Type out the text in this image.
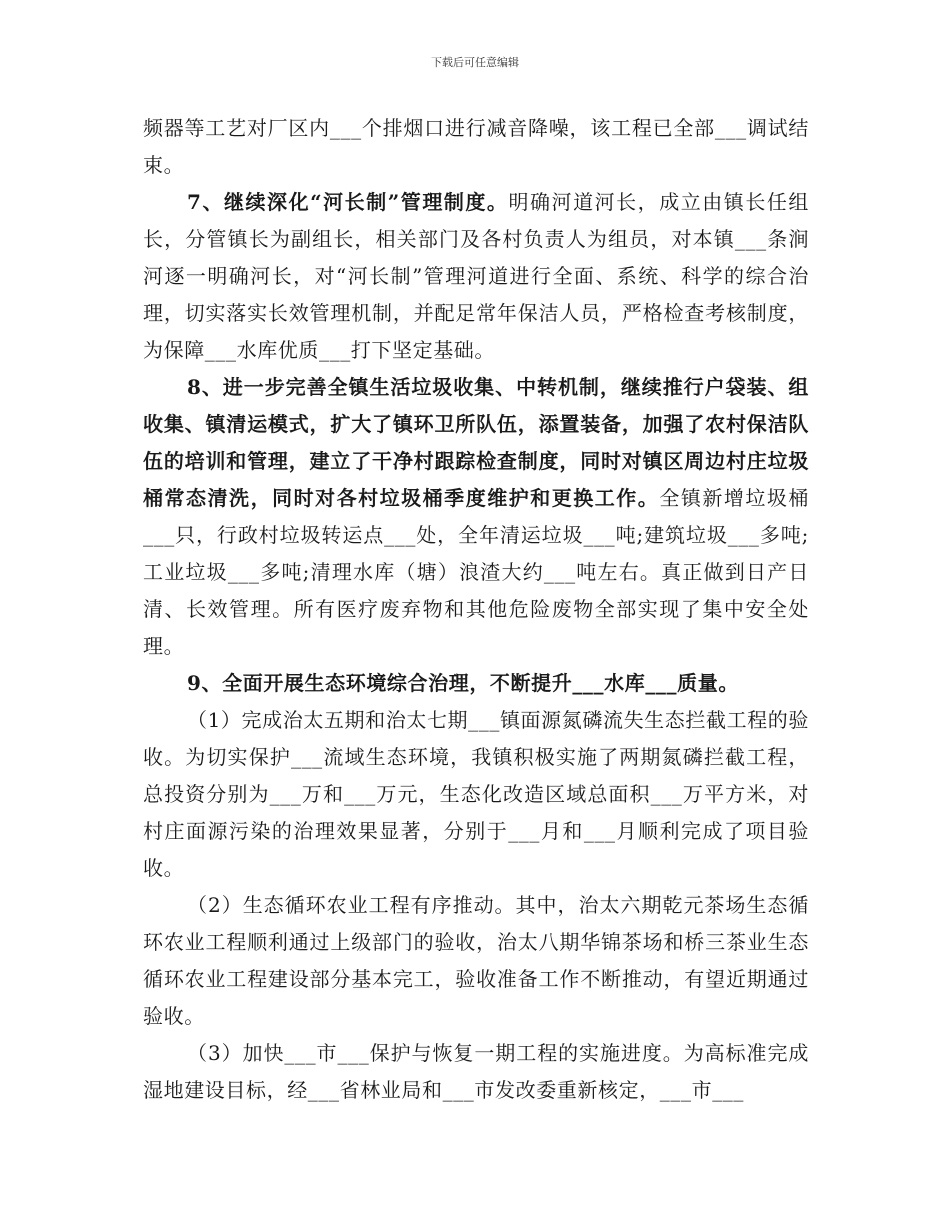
下载后可任意编辑

频器等工艺对厂区内___个排烟口进行减音降噪，该工程已全部___调试结束。

7、继续深化“河长制”管理制度。明确河道河长，成立由镇长任组长，分管镇长为副组长，相关部门及各村负责人为组员，对本镇___条涧河逐一明确河长，对“河长制”管理河道进行全面、系统、科学的综合治理，切实落实长效管理机制，并配足常年保洁人员，严格检查考核制度，为保障___水库优质___打下坚定基础。

8、进一步完善全镇生活垃圾收集、中转机制，继续推行户袋装、组收集、镇清运模式，扩大了镇环卫所队伍，添置装备，加强了农村保洁队伍的培训和管理，建立了干净村跟踪检查制度，同时对镇区周边村庄垃圾桶常态清洗，同时对各村垃圾桶季度维护和更换工作。全镇新增垃圾桶___只，行政村垃圾转运点___处，全年清运垃圾___吨;建筑垃圾___多吨;工业垃圾___多吨;清理水库（塘）浪渣大约___吨左右。真正做到日产日清、长效管理。所有医疗废弃物和其他危险废物全部实现了集中安全处理。

9、全面开展生态环境综合治理，不断提升___水库___质量。

（1）完成治太五期和治太七期___镇面源氮磷流失生态拦截工程的验收。为切实保护___流域生态环境，我镇积极实施了两期氮磷拦截工程，总投资分别为___万和___万元，生态化改造区域总面积___万平方米，对村庄面源污染的治理效果显著，分别于___月和___月顺利完成了项目验收。

（2）生态循环农业工程有序推动。其中，治太六期乾元茶场生态循环农业工程顺利通过上级部门的验收，治太八期华锦茶场和桥三茶业生态循环农业工程建设部分基本完工，验收准备工作不断推动，有望近期通过验收。

（3）加快___市___保护与恢复一期工程的实施进度。为高标准完成湿地建设目标，经___省林业局和___市发改委重新核定，___市___
